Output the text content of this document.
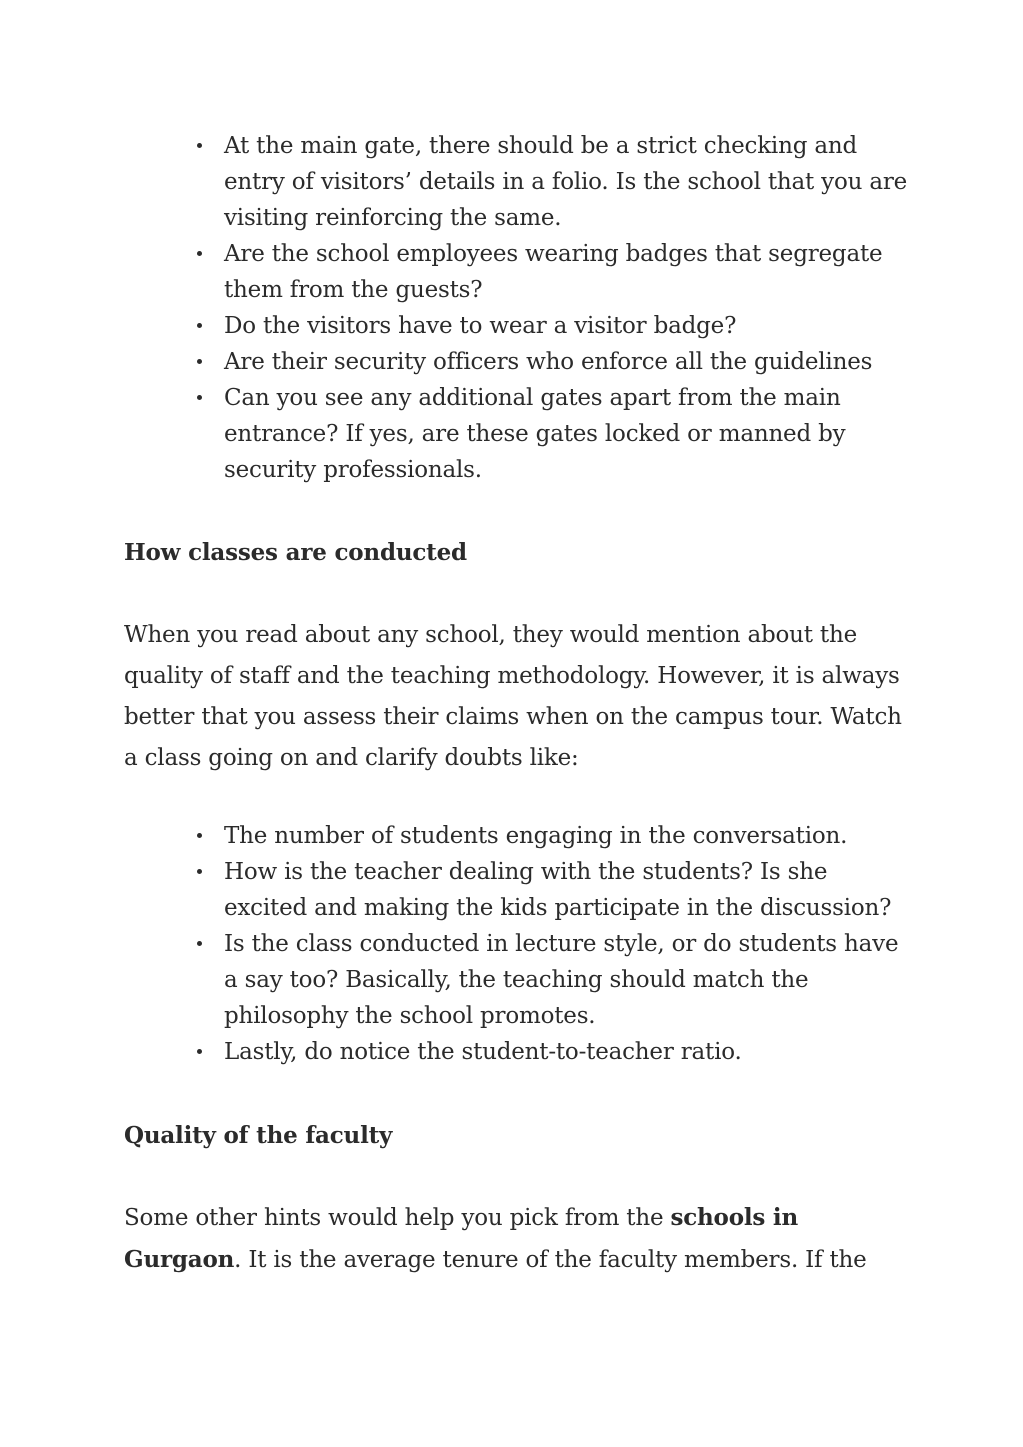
At the main gate, there should be a strict checking and entry of visitors’ details in a folio. Is the school that you are visiting reinforcing the same.
Are the school employees wearing badges that segregate them from the guests?
Do the visitors have to wear a visitor badge?
Are their security officers who enforce all the guidelines
Can you see any additional gates apart from the main entrance? If yes, are these gates locked or manned by security professionals.
How classes are conducted

When you read about any school, they would mention about the quality of staff and the teaching methodology. However, it is always better that you assess their claims when on the campus tour. Watch a class going on and clarify doubts like:

The number of students engaging in the conversation.
How is the teacher dealing with the students? Is she excited and making the kids participate in the discussion?
Is the class conducted in lecture style, or do students have a say too? Basically, the teaching should match the philosophy the school promotes.
Lastly, do notice the student-to-teacher ratio.
Quality of the faculty

Some other hints would help you pick from the schools in Gurgaon. It is the average tenure of the faculty members. If the
